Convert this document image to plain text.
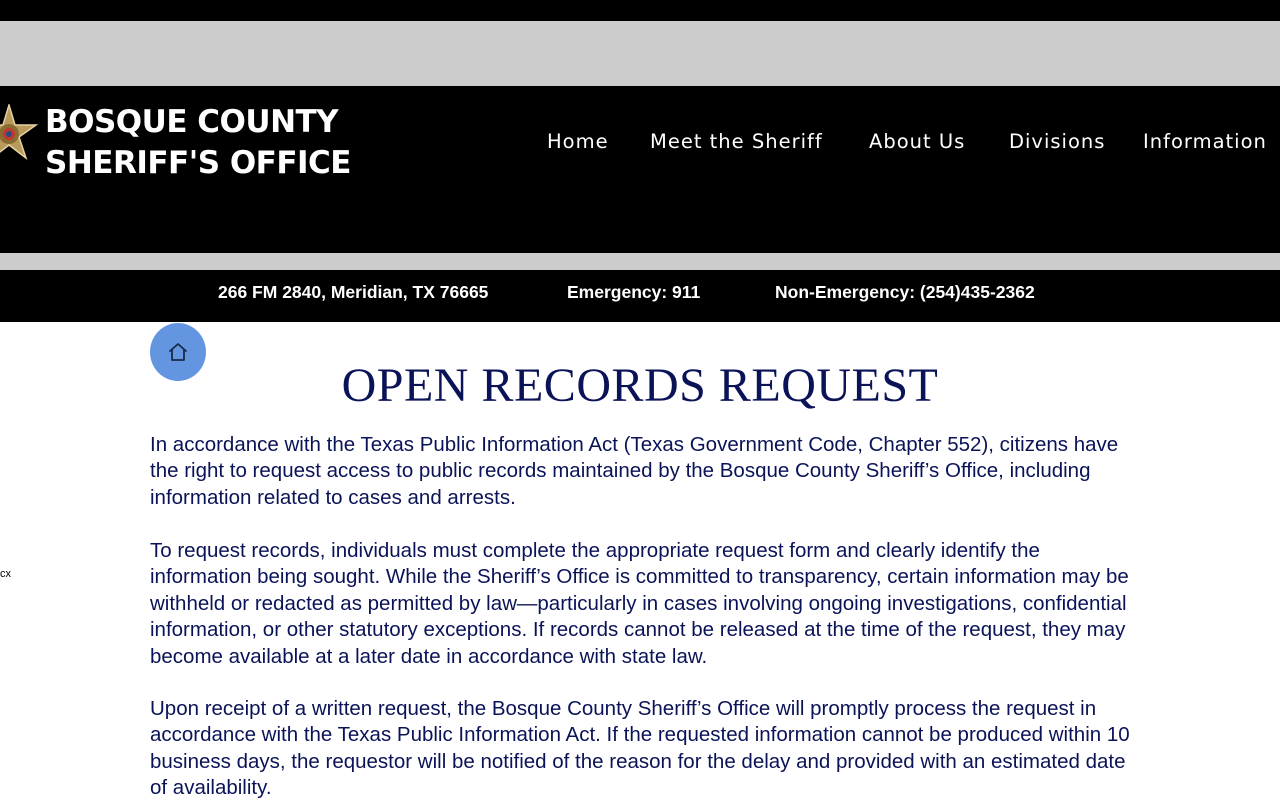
BOSQUE COUNTY
SHERIFF'S OFFICE
Home Meet the Sheriff About Us Divisions Information
266 FM 2840, Meridian, TX 76665	Emergency: 911	Non-Emergency: (254)435-2362
cx
OPEN RECORDS REQUEST

In accordance with the Texas Public Information Act (Texas Government Code, Chapter 552), citizens have the right to request access to public records maintained by the Bosque County Sheriff’s Office, including information related to cases and arrests.

To request records, individuals must complete the appropriate request form and clearly identify the information being sought. While the Sheriff’s Office is committed to transparency, certain information may be withheld or redacted as permitted by law—particularly in cases involving ongoing investigations, confidential information, or other statutory exceptions. If records cannot be released at the time of the request, they may become available at a later date in accordance with state law.

Upon receipt of a written request, the Bosque County Sheriff’s Office will promptly process the request in accordance with the Texas Public Information Act. If the requested information cannot be produced within 10 business days, the requestor will be notified of the reason for the delay and provided with an estimated date of availability.
